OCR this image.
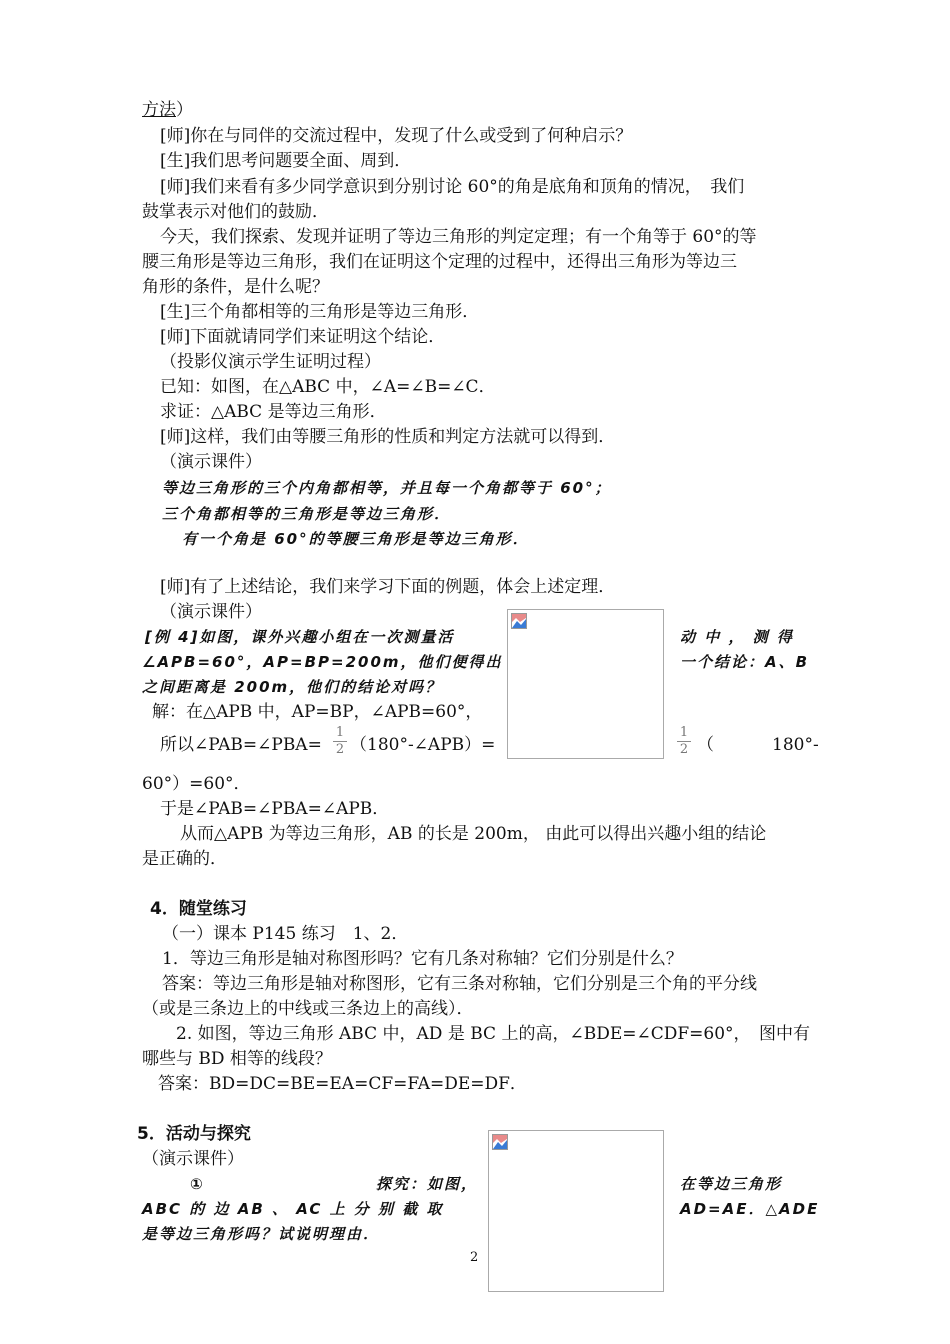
方法）
[师]你在与同伴的交流过程中，发现了什么或受到了何种启示？
[生]我们思考问题要全面、周到．
[师]我们来看有多少同学意识到分别讨论 60°的角是底角和顶角的情况，　我们
鼓掌表示对他们的鼓励．
今天，我们探索、发现并证明了等边三角形的判定定理；有一个角等于 60°的等
腰三角形是等边三角形，我们在证明这个定理的过程中，还得出三角形为等边三
角形的条件，是什么呢？
[生]三个角都相等的三角形是等边三角形．
[师]下面就请同学们来证明这个结论．
（投影仪演示学生证明过程）
已知：如图，在△ABC 中，∠A=∠B=∠C．
求证：△ABC 是等边三角形．
[师]这样，我们由等腰三角形的性质和判定方法就可以得到．
（演示课件）
等边三角形的三个内角都相等，并且每一个角都等于 60°；
三个角都相等的三角形是等边三角形．
有一个角是 60°的等腰三角形是等边三角形．
[师]有了上述结论，我们来学习下面的例题，体会上述定理．
（演示课件）
[例 4]如图，课外兴趣小组在一次测量活	动 中 ， 测 得
∠APB=60°，AP=BP=200m，他们便得出	一个结论：A、B
之间距离是 200m，他们的结论对吗？
解：在△APB 中，AP=BP，∠APB=60°，
所以∠PAB=∠PBA=
1
2 （180°-∠APB）=
1
2 （	180°-
60°）=60°．
于是∠PAB=∠PBA=∠APB．
从而△APB 为等边三角形，AB 的长是 200m， 由此可以得出兴趣小组的结论
是正确的．
4．随堂练习
（一）课本 P145 练习　1、2．
1．等边三角形是轴对称图形吗？它有几条对称轴？它们分别是什么？
答案：等边三角形是轴对称图形，它有三条对称轴，它们分别是三个角的平分线
（或是三条边上的中线或三条边上的高线）．
2. 如图，等边三角形 ABC 中，AD 是 BC 上的高，∠BDE=∠CDF=60°，　图中有
哪些与 BD 相等的线段？
答案：BD=DC=BE=EA=CF=FA=DE=DF．
5．活动与探究
（演示课件）
①	探究：如图，	在等边三角形
ABC 的 边 AB 、 AC 上 分 别 截 取	AD=AE．△ADE
是等边三角形吗？试说明理由．
2
